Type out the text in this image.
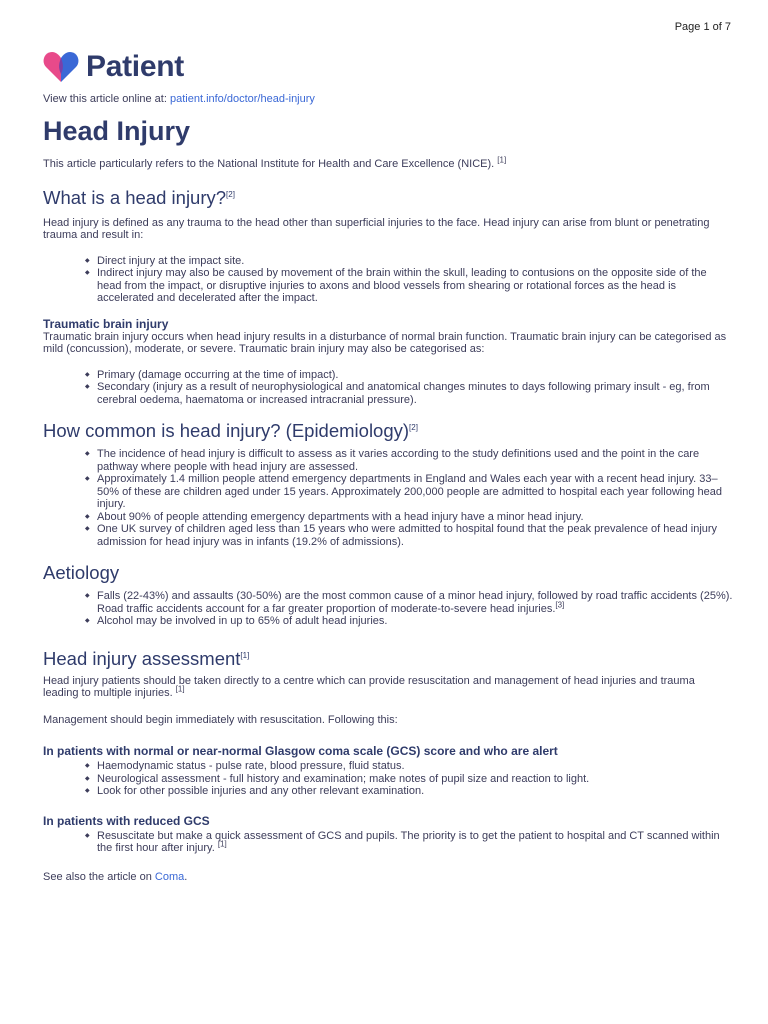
Page 1 of 7
Patient
View this article online at: patient.info/doctor/head-injury
Head Injury

This article particularly refers to the National Institute for Health and Care Excellence (NICE). [1]

What is a head injury?[2]

Head injury is defined as any trauma to the head other than superficial injuries to the face. Head injury can arise from blunt or penetrating trauma and result in:

◆ Direct injury at the impact site.
◆ Indirect injury may also be caused by movement of the brain within the skull, leading to contusions on the opposite side of the head from the impact, or disruptive injuries to axons and blood vessels from shearing or rotational forces as the head is accelerated and decelerated after the impact.
Traumatic brain injury

Traumatic brain injury occurs when head injury results in a disturbance of normal brain function. Traumatic brain injury can be categorised as mild (concussion), moderate, or severe. Traumatic brain injury may also be categorised as:

◆ Primary (damage occurring at the time of impact).
◆ Secondary (injury as a result of neurophysiological and anatomical changes minutes to days following primary insult - eg, from cerebral oedema, haematoma or increased intracranial pressure).
How common is head injury? (Epidemiology)[2]
◆ The incidence of head injury is difficult to assess as it varies according to the study definitions used and the point in the care pathway where people with head injury are assessed.
◆ Approximately 1.4 million people attend emergency departments in England and Wales each year with a recent head injury. 33–50% of these are children aged under 15 years. Approximately 200,000 people are admitted to hospital each year following head injury.
◆ About 90% of people attending emergency departments with a head injury have a minor head injury.
◆ One UK survey of children aged less than 15 years who were admitted to hospital found that the peak prevalence of head injury admission for head injury was in infants (19.2% of admissions).
Aetiology
◆ Falls (22-43%) and assaults (30-50%) are the most common cause of a minor head injury, followed by road traffic accidents (25%). Road traffic accidents account for a far greater proportion of moderate-to-severe head injuries.[3]
◆ Alcohol may be involved in up to 65% of adult head injuries.
Head injury assessment[1]

Head injury patients should be taken directly to a centre which can provide resuscitation and management of head injuries and trauma leading to multiple injuries. [1]

Management should begin immediately with resuscitation. Following this:

In patients with normal or near-normal Glasgow coma scale (GCS) score and who are alert
◆ Haemodynamic status - pulse rate, blood pressure, fluid status.
◆ Neurological assessment - full history and examination; make notes of pupil size and reaction to light.
◆ Look for other possible injuries and any other relevant examination.
In patients with reduced GCS
◆ Resuscitate but make a quick assessment of GCS and pupils. The priority is to get the patient to hospital and CT scanned within the first hour after injury. [1]

See also the article on Coma.
